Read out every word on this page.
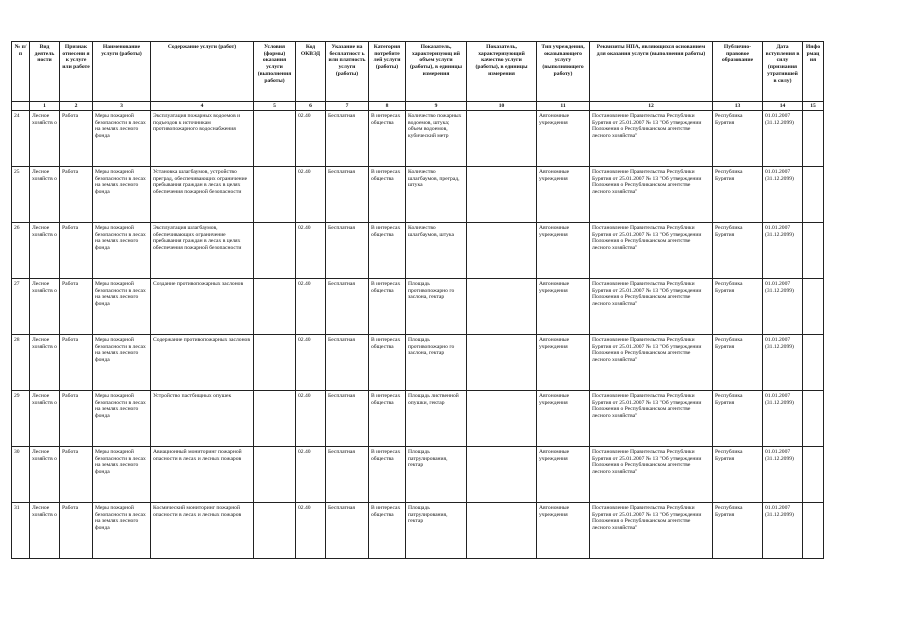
№ п/п	Вид деятель ности	Признак отнесени я к услуге или работе	Наименование услуги (работы)	Содержание услуги (работ)	Условия (формы) оказания услуги (выполнения работы)	Код ОКВЭД	Указание на бесплатност ь или платность услуги (работы)	Категория потребите лей услуги (работы)	Показатель, характеризующ ий объем услуги (работы), в единицы измерения	Показатель, характеризующий качество услуги (работы), в единицы измерения	Тип учреждения, оказывающего услугу (выполняющего работу)	Реквизиты НПА, являющихся основанием для оказания услуги (выполнения работы)	Публично-правовое образование	Дата вступления в силу (признания утратившей в силу)	Инфо рмац ия
	1	2	3	4	5	6	7	8	9	10	11	12	13	14	15
24	Лесное хозяйств о	Работа	Меры пожарной безопасности в лесах на землях лесного фонда	Эксплуатация пожарных водоемов и подъездов к источникам противопожарного водоснабжения		02.40	Бесплатная	В интересах общества	Количество пожарных водоемов, штука; объем водоемов, кубический метр		Автономные учреждения	Постановление Правительства Республики Бурятия от 25.01.2007 № 13 "Об утверждении Положения о Республиканском агентстве лесного хозяйства"	Республика Бурятия	01.01.2007 (31.12.2099)	
25	Лесное хозяйств о	Работа	Меры пожарной безопасности в лесах на землях лесного фонда	Установка шлагбаумов, устройство преград, обеспечивающих ограничение пребывания граждан в лесах в целях обеспечения пожарной безопасности		02.40	Бесплатная	В интересах общества	Количество шлагбаумов, преград, штука		Автономные учреждения	Постановление Правительства Республики Бурятия от 25.01.2007 № 13 "Об утверждении Положения о Республиканском агентстве лесного хозяйства"	Республика Бурятия	01.01.2007 (31.12.2099)	
26	Лесное хозяйств о	Работа	Меры пожарной безопасности в лесах на землях лесного фонда	Эксплуатация шлагбаумов, обеспечивающих ограничение пребывания граждан в лесах в целях обеспечения пожарной безопасности		02.40	Бесплатная	В интересах общества	Количество шлагбаумов, штука		Автономные учреждения	Постановление Правительства Республики Бурятия от 25.01.2007 № 13 "Об утверждении Положения о Республиканском агентстве лесного хозяйства"	Республика Бурятия	01.01.2007 (31.12.2099)	
27	Лесное хозяйств о	Работа	Меры пожарной безопасности в лесах на землях лесного фонда	Создание противопожарных заслонов		02.40	Бесплатная	В интересах общества	Площадь противопожарно го заслона, гектар		Автономные учреждения	Постановление Правительства Республики Бурятия от 25.01.2007 № 13 "Об утверждении Положения о Республиканском агентстве лесного хозяйства"	Республика Бурятия	01.01.2007 (31.12.2099)	
28	Лесное хозяйств о	Работа	Меры пожарной безопасности в лесах на землях лесного фонда	Содержание противопожарных заслонов		02.40	Бесплатная	В интересах общества	Площадь противопожарно го заслона, гектар		Автономные учреждения	Постановление Правительства Республики Бурятия от 25.01.2007 № 13 "Об утверждении Положения о Республиканском агентстве лесного хозяйства"	Республика Бурятия	01.01.2007 (31.12.2099)	
29	Лесное хозяйств о	Работа	Меры пожарной безопасности в лесах на землях лесного фонда	Устройство пастбищных опушек		02.40	Бесплатная	В интересах общества	Площадь лиственной опушки, гектар		Автономные учреждения	Постановление Правительства Республики Бурятия от 25.01.2007 № 13 "Об утверждении Положения о Республиканском агентстве лесного хозяйства"	Республика Бурятия	01.01.2007 (31.12.2099)	
30	Лесное хозяйств о	Работа	Меры пожарной безопасности в лесах на землях лесного фонда	Авиационный мониторинг пожарной опасности в лесах и лесных пожаров		02.40	Бесплатная	В интересах общества	Площадь патрулирования, гектар		Автономные учреждения	Постановление Правительства Республики Бурятия от 25.01.2007 № 13 "Об утверждении Положения о Республиканском агентстве лесного хозяйства"	Республика Бурятия	01.01.2007 (31.12.2099)	
31	Лесное хозяйств о	Работа	Меры пожарной безопасности в лесах на землях лесного фонда	Космический мониторинг пожарной опасности в лесах и лесных пожаров		02.40	Бесплатная	В интересах общества	Площадь патрулирования, гектар		Автономные учреждения	Постановление Правительства Республики Бурятия от 25.01.2007 № 13 "Об утверждении Положения о Республиканском агентстве лесного хозяйства"	Республика Бурятия	01.01.2007 (31.12.2099)	
